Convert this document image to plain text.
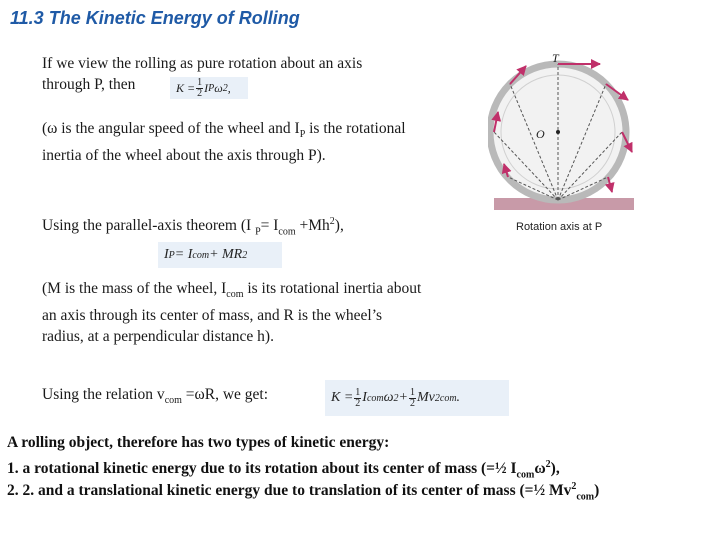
11.3 The Kinetic Energy of Rolling
If we view the rolling as pure rotation about an axis
through P, then	$K = \frac{1}{2}$ I P ω 2 ,
(ω is the angular speed of the wheel and $I_P$ is the rotational inertia of the wheel about the axis through P).
Using the parallel-axis theorem (I $_P= I_{com} +Mh^2$),
I P = I com + MR 2
(M is the mass of the wheel, $I_{com}$ is its rotational inertia about an axis through its center of mass, and R is the wheel’s radius, at a perpendicular distance h).
Using the relation $v_{com} =\omega R$, we get:	$K = \frac{1}{2}$ I com ω $2 + \frac{1}{2}$ Mv 2 com .
A rolling object, therefore has two types of kinetic energy:
1. a rotational kinetic energy due to its rotation about its center of mass (=½ $I_{com}\omega^2$),
2. 2. and a translational kinetic energy due to translation of its center of mass (=½ $Mv^2_{com}$)
T
O
Rotation axis at P
